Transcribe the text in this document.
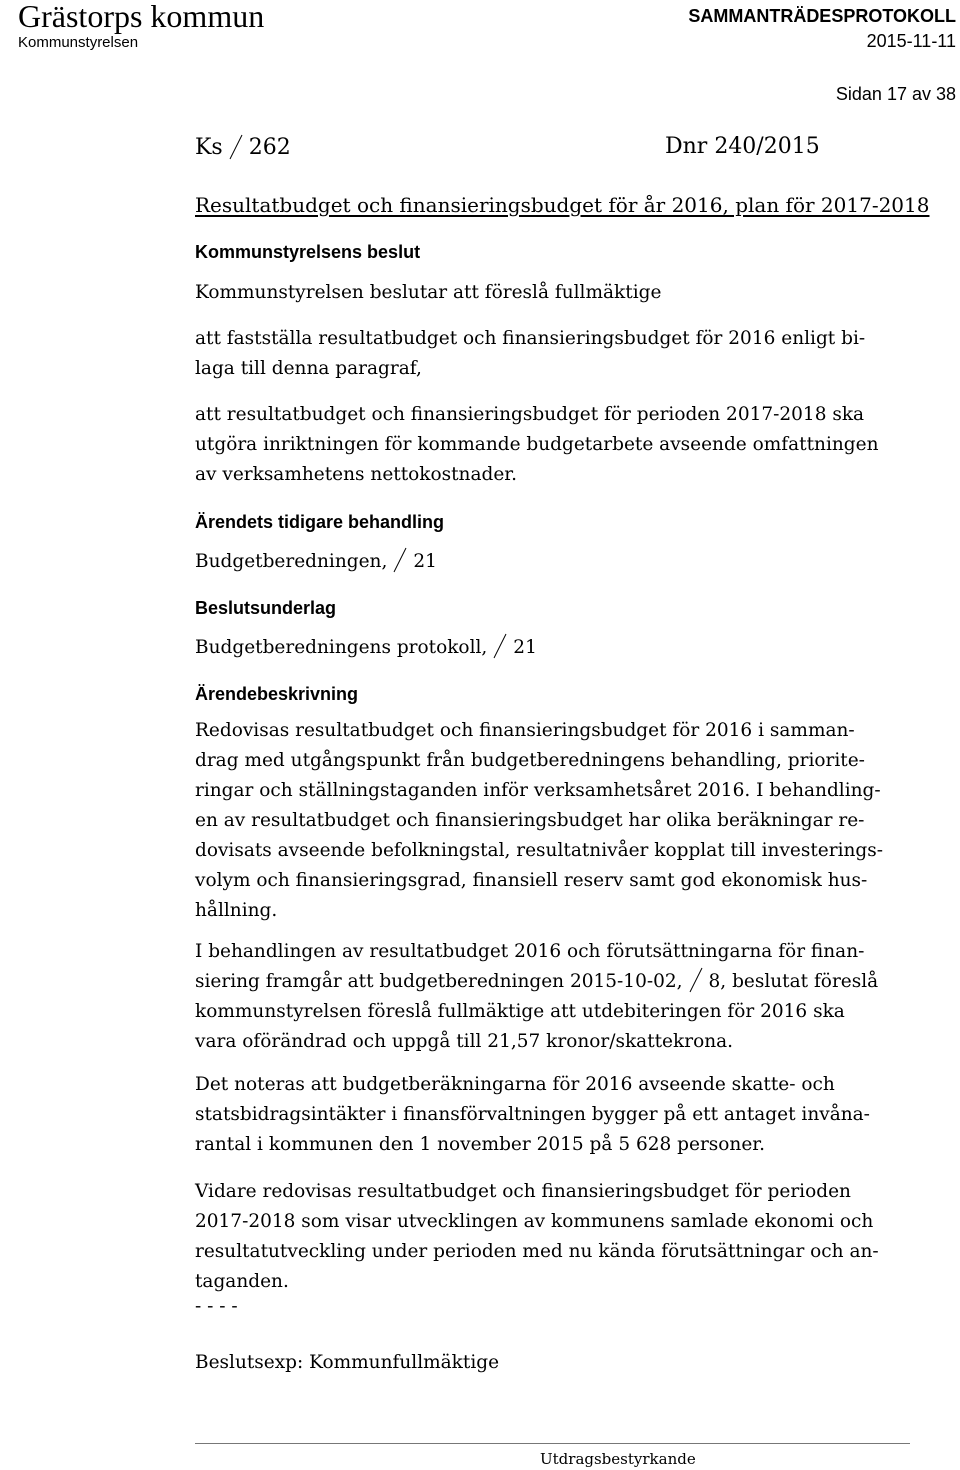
Grästorps kommun
Kommunstyrelsen
SAMMANTRÄDESPROTOKOLL
2015-11-11
Sidan 17 av 38
Ks 262	Dnr 240/2015
Resultatbudget och finansieringsbudget för år 2016, plan för 2017-2018
Kommunstyrelsens beslut
Kommunstyrelsen beslutar att föreslå fullmäktige
att fastställa resultatbudget och finansieringsbudget för 2016 enligt bi-
laga till denna paragraf,
att resultatbudget och finansieringsbudget för perioden 2017-2018 ska
utgöra inriktningen för kommande budgetarbete avseende omfattningen
av verksamhetens nettokostnader.
Ärendets tidigare behandling
Budgetberedningen, 21
Beslutsunderlag
Budgetberedningens protokoll, 21
Ärendebeskrivning
Redovisas resultatbudget och finansieringsbudget för 2016 i samman-
drag med utgångspunkt från budgetberedningens behandling, priorite-
ringar och ställningstaganden inför verksamhetsåret 2016. I behandling-
en av resultatbudget och finansieringsbudget har olika beräkningar re-
dovisats avseende befolkningstal, resultatnivåer kopplat till investerings-
volym och finansieringsgrad, finansiell reserv samt god ekonomisk hus-
hållning.
I behandlingen av resultatbudget 2016 och förutsättningarna för finan-
siering framgår att budgetberedningen 2015-10-02, 8, beslutat föreslå
kommunstyrelsen föreslå fullmäktige att utdebiteringen för 2016 ska
vara oförändrad och uppgå till 21,57 kronor/skattekrona.
Det noteras att budgetberäkningarna för 2016 avseende skatte- och
statsbidragsintäkter i finansförvaltningen bygger på ett antaget invåna-
rantal i kommunen den 1 november 2015 på 5 628 personer.
Vidare redovisas resultatbudget och finansieringsbudget för perioden
2017-2018 som visar utvecklingen av kommunens samlade ekonomi och
resultatutveckling under perioden med nu kända förutsättningar och an-
taganden.
- - - -
Beslutsexp: Kommunfullmäktige
Utdragsbestyrkande
